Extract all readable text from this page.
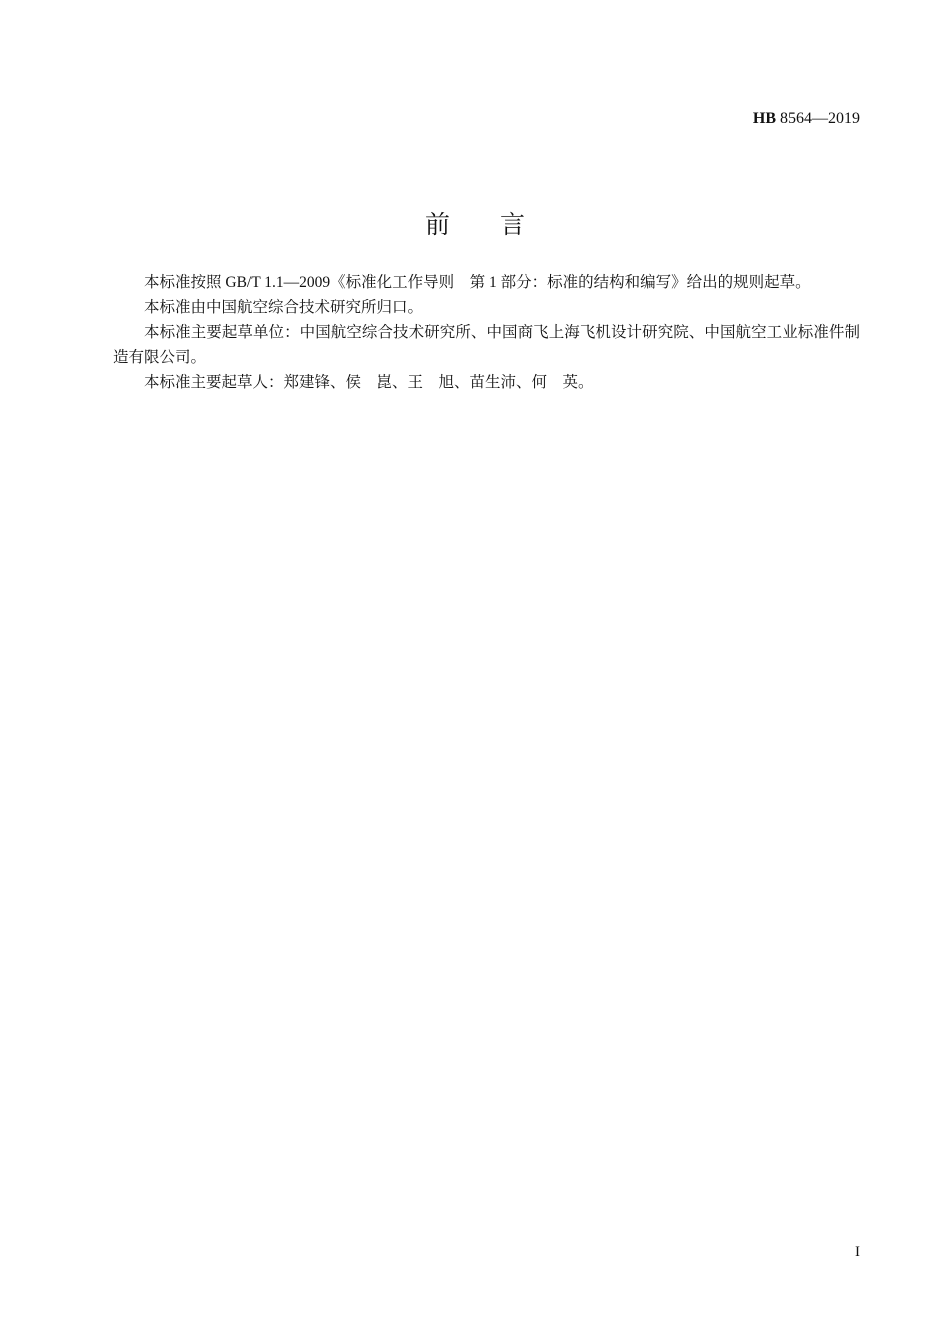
HB 8564—2019
前言

本标准按照 GB/T 1.1—2009《标准化工作导则　第 1 部分：标准的结构和编写》给出的规则起草。

本标准由中国航空综合技术研究所归口。

本标准主要起草单位：中国航空综合技术研究所、中国商飞上海飞机设计研究院、中国航空工业标准件制造有限公司。

本标准主要起草人：郑建锋、侯　崑、王　旭、苗生沛、何　英。

I
